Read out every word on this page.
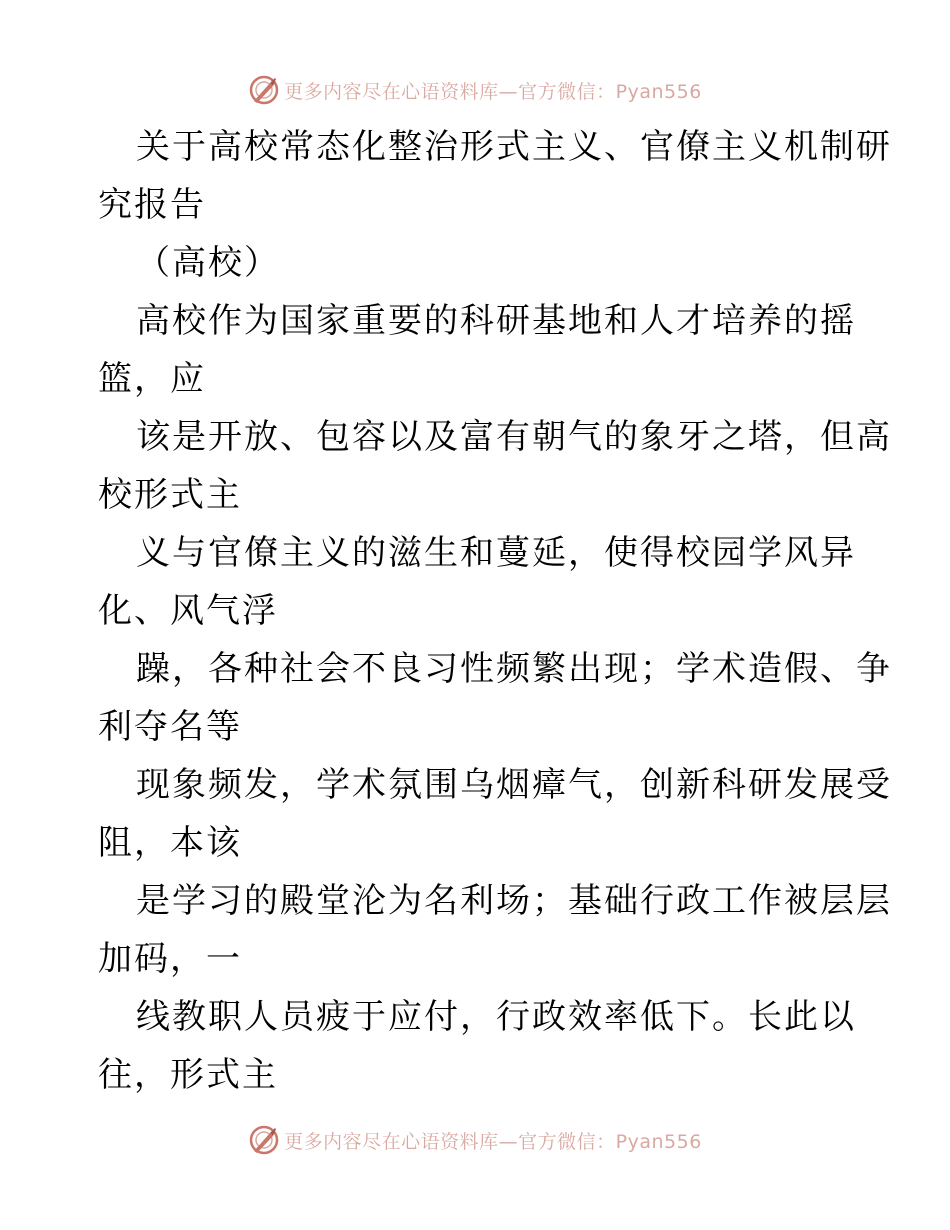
更多内容尽在心语资料库—官方微信：Pyan556
关于高校常态化整治形式主义、官僚主义机制研
究报告
（高校）
高校作为国家重要的科研基地和人才培养的摇
篮，应
该是开放、包容以及富有朝气的象牙之塔，但高
校形式主
义与官僚主义的滋生和蔓延，使得校园学风异
化、风气浮
躁，各种社会不良习性频繁出现；学术造假、争
利夺名等
现象频发，学术氛围乌烟瘴气，创新科研发展受
阻，本该
是学习的殿堂沦为名利场；基础行政工作被层层
加码，一
线教职人员疲于应付，行政效率低下。长此以
往，形式主
更多内容尽在心语资料库—官方微信：Pyan556
